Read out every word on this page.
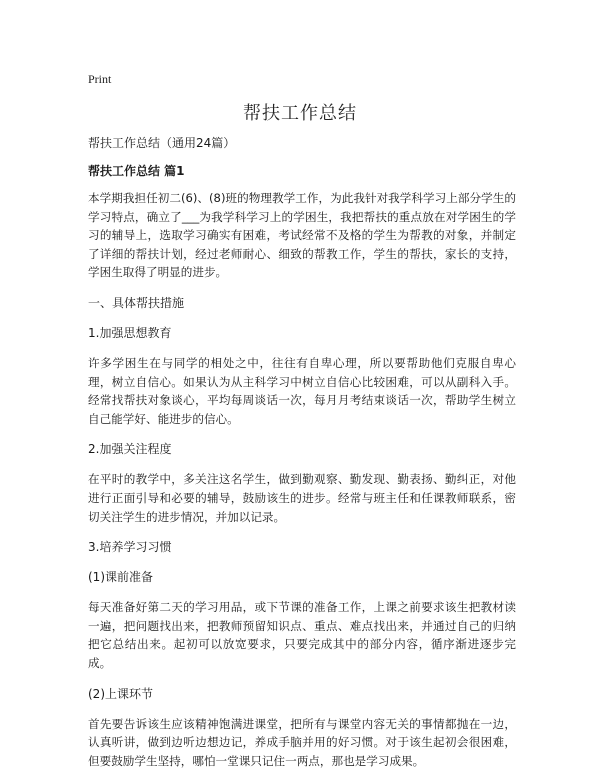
Print
帮扶工作总结

帮扶工作总结（通用24篇）

帮扶工作总结 篇1

本学期我担任初二(6)、(8)班的物理教学工作，为此我针对我学科学习上部分学生的学习特点，确立了___为我学科学习上的学困生，我把帮扶的重点放在对学困生的学习的辅导上，选取学习确实有困难，考试经常不及格的学生为帮教的对象，并制定了详细的帮扶计划，经过老师耐心、细致的帮教工作，学生的帮扶，家长的支持，学困生取得了明显的进步。

一、具体帮扶措施

1.加强思想教育

许多学困生在与同学的相处之中，往往有自卑心理，所以要帮助他们克服自卑心理，树立自信心。如果认为从主科学习中树立自信心比较困难，可以从副科入手。经常找帮扶对象谈心，平均每周谈话一次，每月月考结束谈话一次，帮助学生树立自己能学好、能进步的信心。

2.加强关注程度

在平时的教学中，多关注这名学生，做到勤观察、勤发现、勤表扬、勤纠正，对他进行正面引导和必要的辅导，鼓励该生的进步。经常与班主任和任课教师联系，密切关注学生的进步情况，并加以记录。

3.培养学习习惯

(1)课前准备

每天准备好第二天的学习用品，或下节课的准备工作，上课之前要求该生把教材读一遍，把问题找出来，把教师预留知识点、重点、难点找出来，并通过自己的归纳把它总结出来。起初可以放宽要求，只要完成其中的部分内容，循序渐进逐步完成。

(2)上课环节

首先要告诉该生应该精神饱满进课堂，把所有与课堂内容无关的事情都抛在一边，认真听讲，做到边听边想边记，养成手脑并用的好习惯。对于该生起初会很困难，但要鼓励学生坚持，哪怕一堂课只记住一两点，那也是学习成果。
